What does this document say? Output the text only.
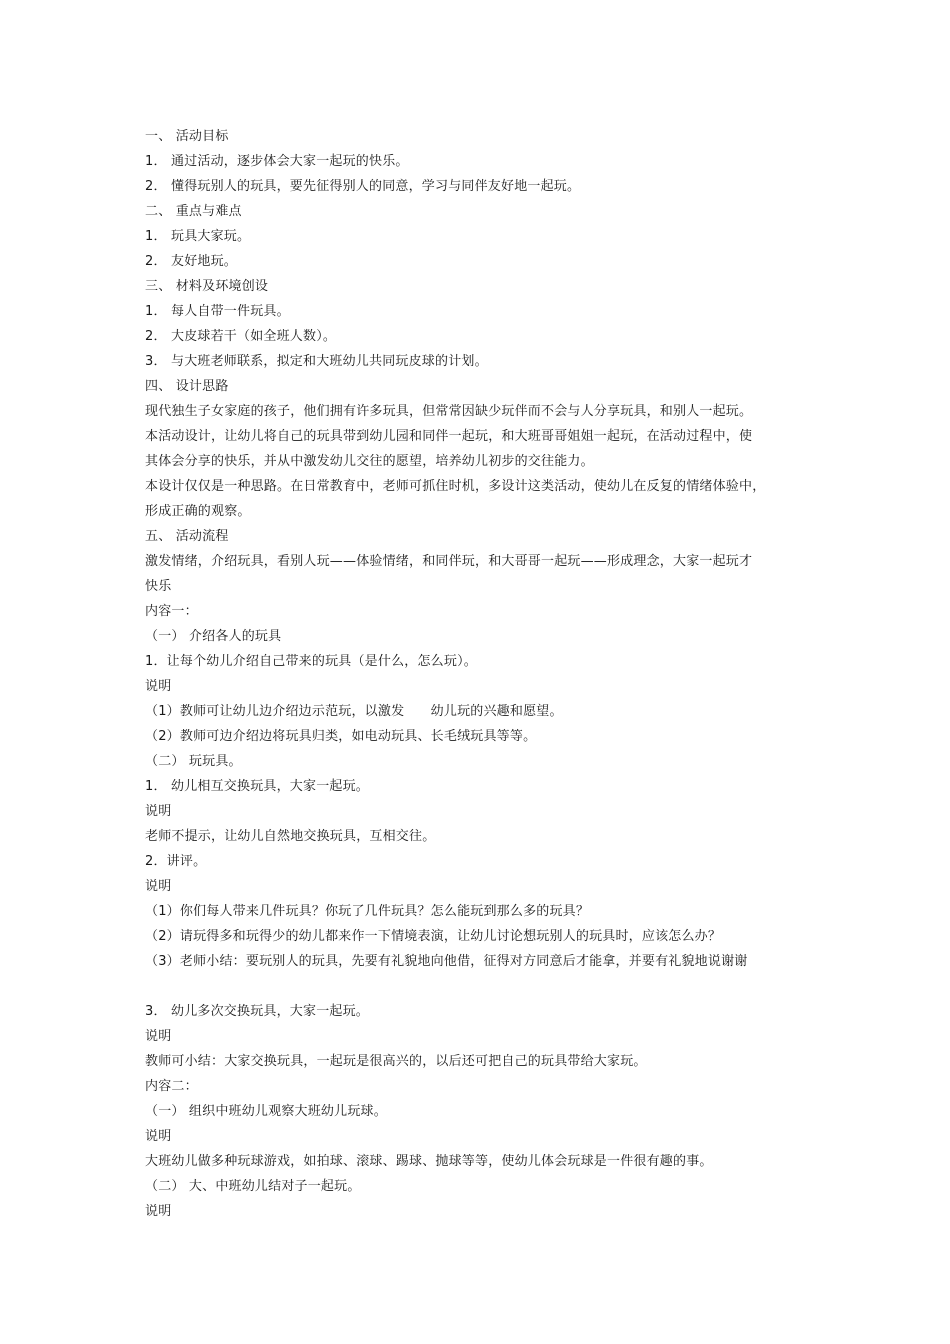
一、 活动目标
1． 通过活动，逐步体会大家一起玩的快乐。
2． 懂得玩别人的玩具，要先征得别人的同意，学习与同伴友好地一起玩。
二、 重点与难点
1． 玩具大家玩。
2． 友好地玩。
三、 材料及环境创设
1． 每人自带一件玩具。
2． 大皮球若干（如全班人数）。
3． 与大班老师联系，拟定和大班幼儿共同玩皮球的计划。
四、 设计思路
现代独生子女家庭的孩子，他们拥有许多玩具，但常常因缺少玩伴而不会与人分享玩具，和别人一起玩。
本活动设计，让幼儿将自己的玩具带到幼儿园和同伴一起玩，和大班哥哥姐姐一起玩，在活动过程中，使
其体会分享的快乐，并从中激发幼儿交往的愿望，培养幼儿初步的交往能力。
本设计仅仅是一种思路。在日常教育中，老师可抓住时机，多设计这类活动，使幼儿在反复的情绪体验中，
形成正确的观察。
五、 活动流程
激发情绪，介绍玩具，看别人玩——体验情绪，和同伴玩，和大哥哥一起玩——形成理念，大家一起玩才
快乐
内容一：
（一） 介绍各人的玩具
1．让每个幼儿介绍自己带来的玩具（是什么，怎么玩）。
说明
（1）教师可让幼儿边介绍边示范玩，以激发　　幼儿玩的兴趣和愿望。
（2）教师可边介绍边将玩具归类，如电动玩具、长毛绒玩具等等。
（二） 玩玩具。
1． 幼儿相互交换玩具，大家一起玩。
说明
老师不提示，让幼儿自然地交换玩具，互相交往。
2．讲评。
说明
（1）你们每人带来几件玩具？你玩了几件玩具？怎么能玩到那么多的玩具？
（2）请玩得多和玩得少的幼儿都来作一下情境表演，让幼儿讨论想玩别人的玩具时，应该怎么办？
（3）老师小结：要玩别人的玩具，先要有礼貌地向他借，征得对方同意后才能拿，并要有礼貌地说谢谢
3． 幼儿多次交换玩具，大家一起玩。
说明
教师可小结：大家交换玩具，一起玩是很高兴的，以后还可把自己的玩具带给大家玩。
内容二：
（一） 组织中班幼儿观察大班幼儿玩球。
说明
大班幼儿做多种玩球游戏，如拍球、滚球、踢球、抛球等等，使幼儿体会玩球是一件很有趣的事。
（二） 大、中班幼儿结对子一起玩。
说明
